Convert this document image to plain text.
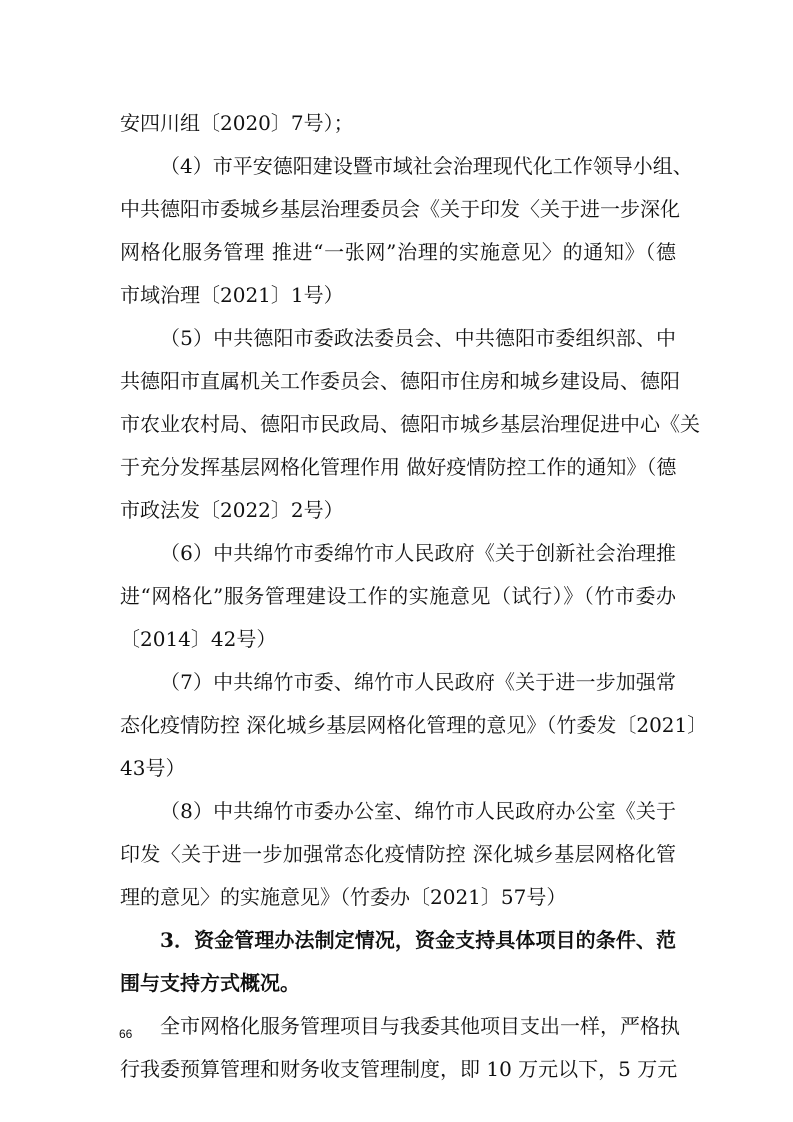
安四川组〔2020〕7号）；
（4）市平安德阳建设暨市域社会治理现代化工作领导小组、
中共德阳市委城乡基层治理委员会《关于印发〈关于进一步深化
网格化服务管理 推进“一张网”治理的实施意见〉的通知》（德
市域治理〔2021〕1号）
（5）中共德阳市委政法委员会、中共德阳市委组织部、中
共德阳市直属机关工作委员会、德阳市住房和城乡建设局、德阳
市农业农村局、德阳市民政局、德阳市城乡基层治理促进中心《关
于充分发挥基层网格化管理作用 做好疫情防控工作的通知》（德
市政法发〔2022〕2号）
（6）中共绵竹市委绵竹市人民政府《关于创新社会治理推
进“网格化”服务管理建设工作的实施意见（试行）》（竹市委办
〔2014〕42号）
（7）中共绵竹市委、绵竹市人民政府《关于进一步加强常
态化疫情防控 深化城乡基层网格化管理的意见》（竹委发〔2021〕
43号）
（8）中共绵竹市委办公室、绵竹市人民政府办公室《关于
印发〈关于进一步加强常态化疫情防控 深化城乡基层网格化管
理的意见〉的实施意见》（竹委办〔2021〕57号）
3．资金管理办法制定情况，资金支持具体项目的条件、范
围与支持方式概况。
全市网格化服务管理项目与我委其他项目支出一样，严格执
行我委预算管理和财务收支管理制度，即 10 万元以下，5 万元
66
